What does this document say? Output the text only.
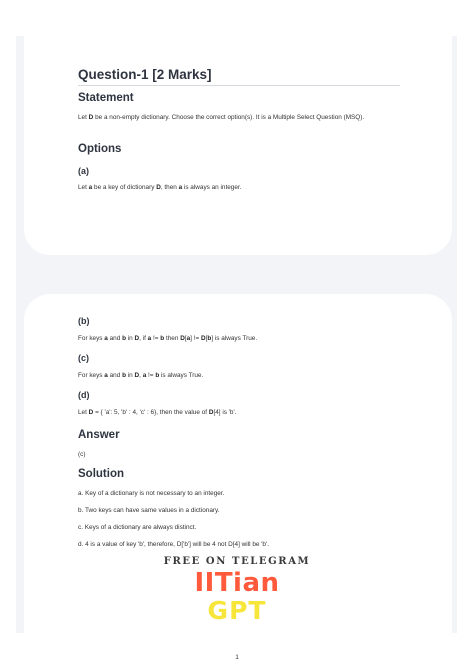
Question-1 [2 Marks]
Statement

Let D be a non-empty dictionary. Choose the correct option(s). It is a Multiple Select Question (MSQ).

Options
(a)

Let a be a key of dictionary D, then a is always an integer.

(b)

For keys a and b in D, if a != b then D[a] != D[b] is always True.

(c)

For keys a and b in D, a != b is always True.

(d)

Let D = { 'a': 5, 'b' : 4, 'c' : 6}, then the value of D[4] is 'b'.

Answer

(c)

Solution

a. Key of a dictionary is not necessary to an integer.

b. Two keys can have same values in a dictionary.

c. Keys of a dictionary are always distinct.

d. 4 is a value of key 'b', therefore, D['b'] will be 4 not D[4] will be 'b'.

FREE ON TELEGRAM
IITian
GPT
1
